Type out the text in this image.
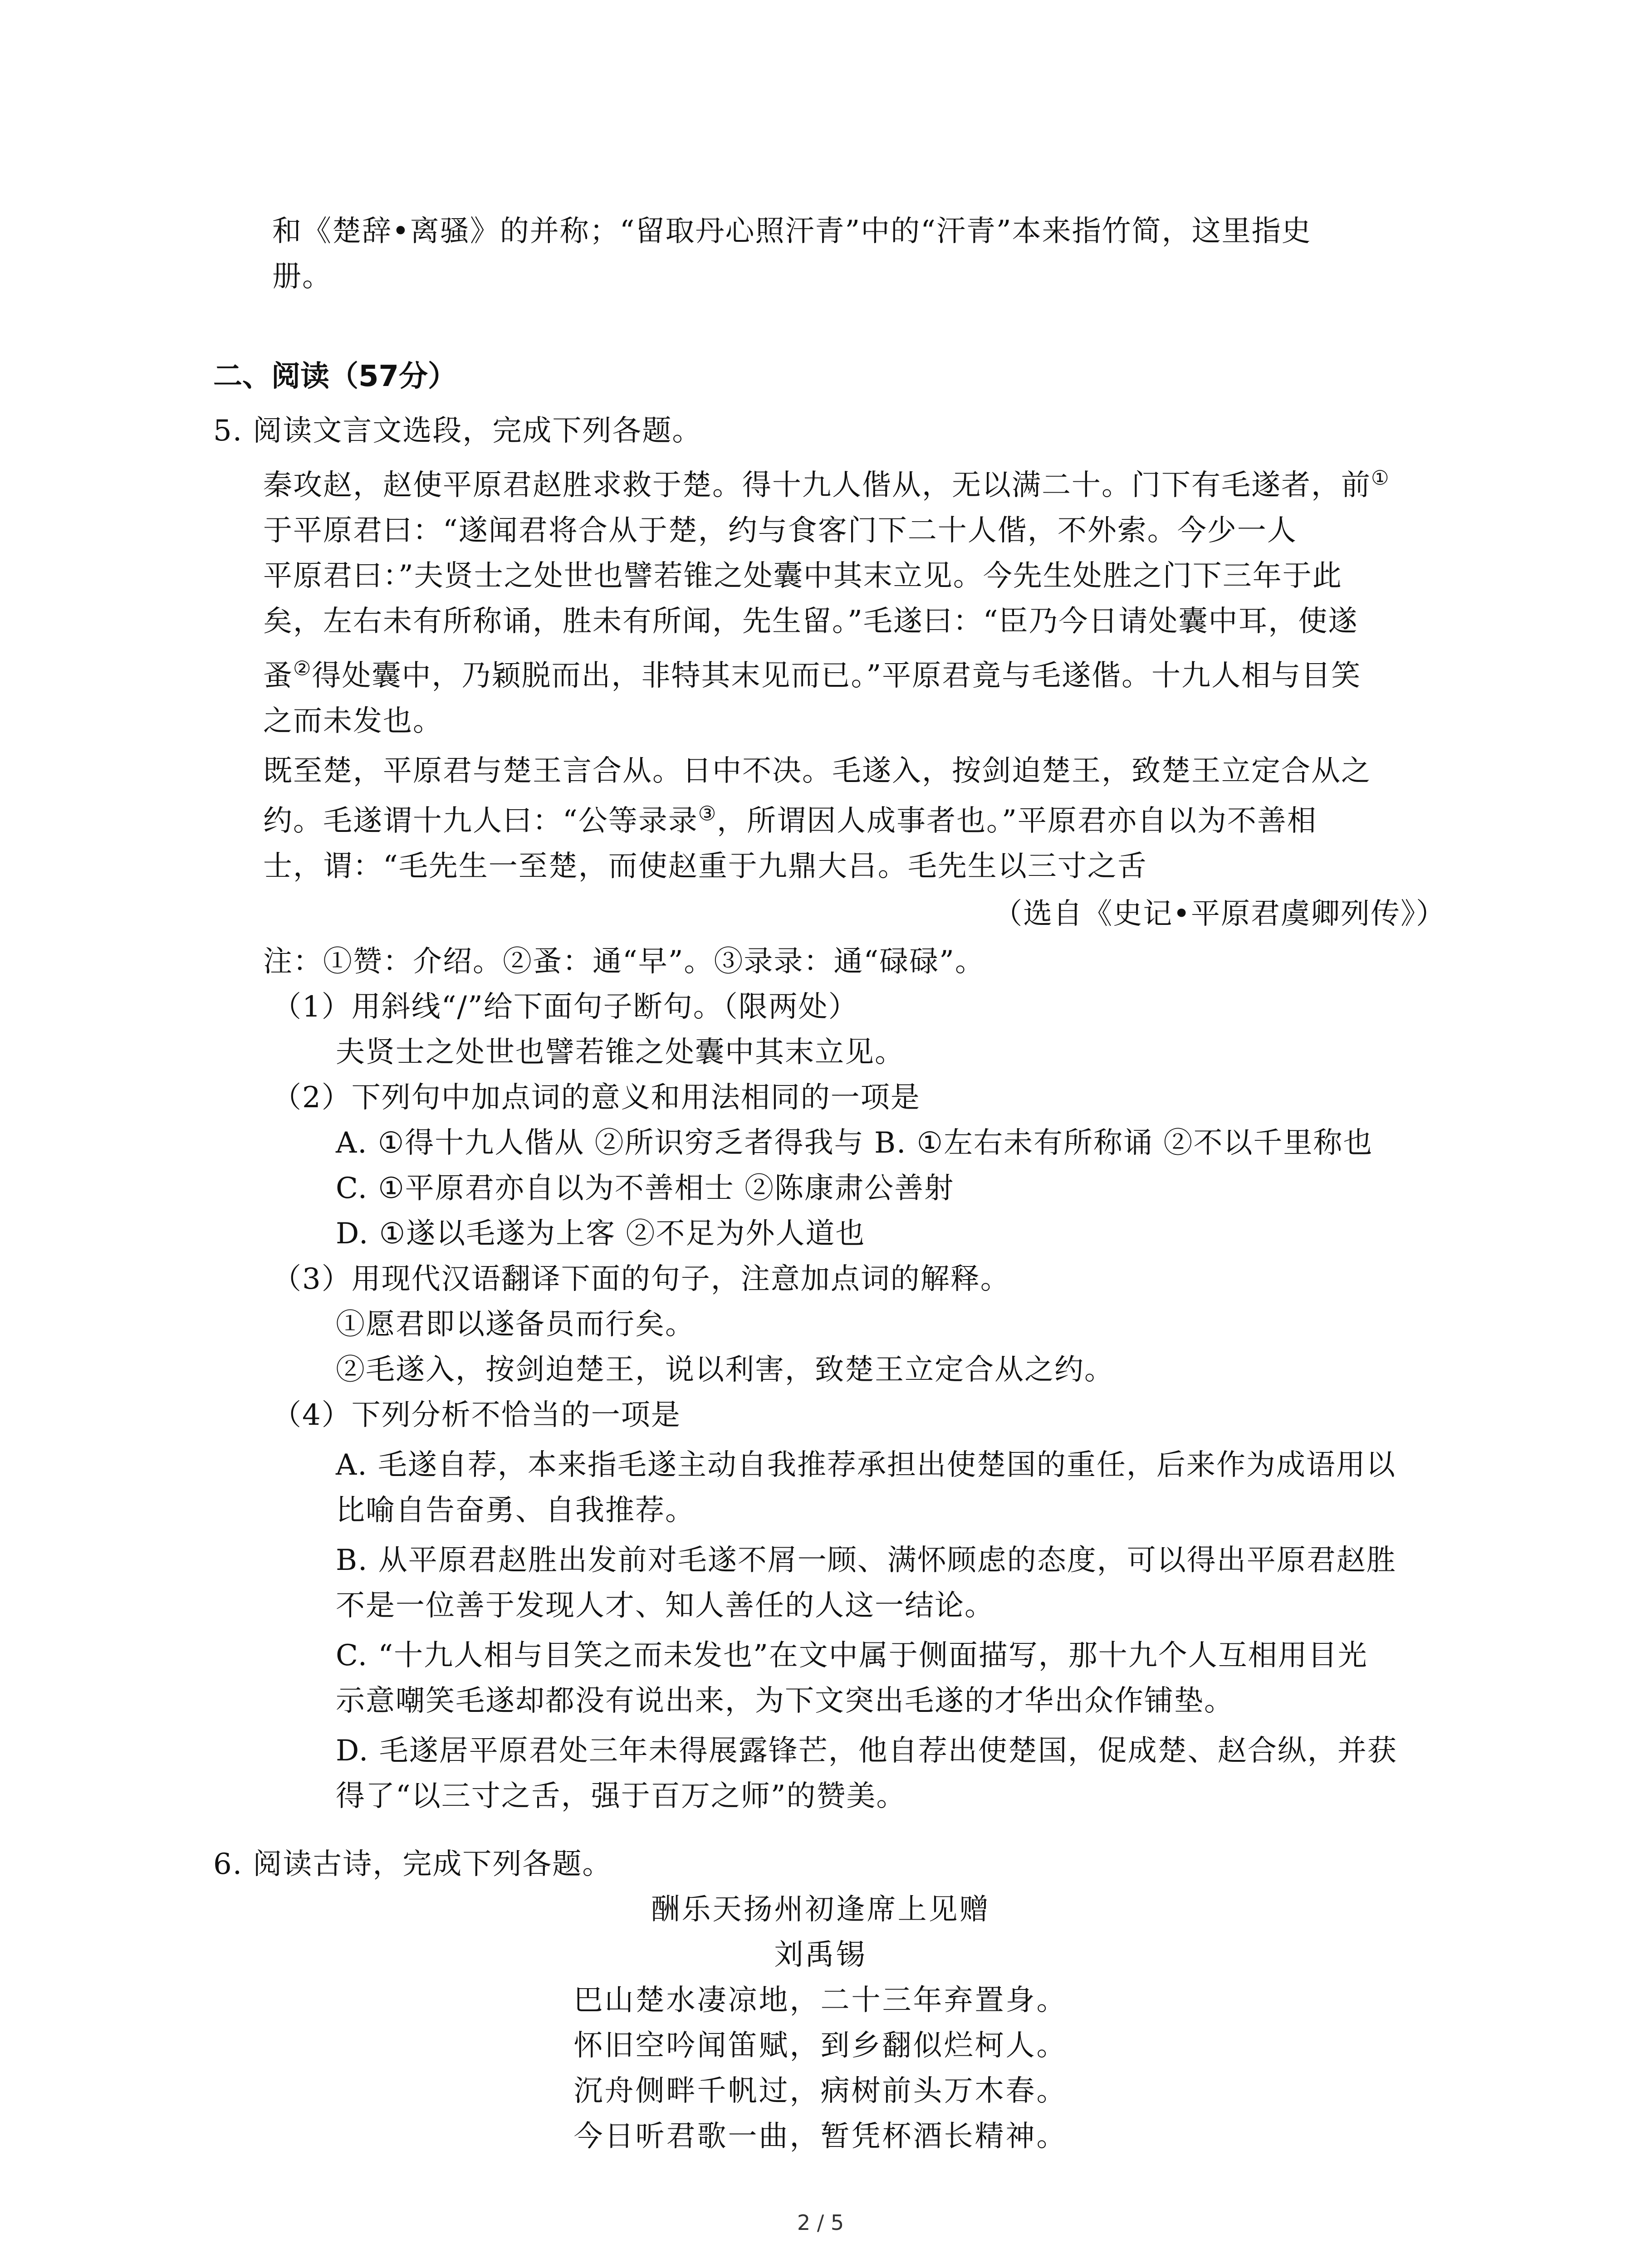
和《楚辞•离骚》的并称；“留取丹心照汗青”中的“汗青”本来指竹简，这里指史
册。
二、阅读（57分）
5. 阅读文言文选段，完成下列各题。
秦攻赵，赵使平原君赵胜求救于楚。得十九人偕从，无以满二十。门下有毛遂者，前①
于平原君曰：“遂闻君将合从于楚，约与食客门下二十人偕，不外索。今少一人
平原君曰：”夫贤士之处世也譬若锥之处囊中其末立见。今先生处胜之门下三年于此
矣，左右未有所称诵，胜未有所闻，先生留。”毛遂曰：“臣乃今日请处囊中耳，使遂
蚤②得处囊中，乃颖脱而出，非特其末见而已。”平原君竟与毛遂偕。十九人相与目笑
之而未发也。
既至楚，平原君与楚王言合从。日中不决。毛遂入，按剑迫楚王，致楚王立定合从之
约。毛遂谓十九人曰：“公等录录③，所谓因人成事者也。”平原君亦自以为不善相
士，谓：“毛先生一至楚，而使赵重于九鼎大吕。毛先生以三寸之舌
（选自《史记•平原君虞卿列传》）
注：①赞：介绍。②蚤：通“早”。③录录：通“碌碌”。
（1）用斜线“/”给下面句子断句。（限两处）
夫贤士之处世也譬若锥之处囊中其末立见。
（2）下列句中加点词的意义和用法相同的一项是
A. ①得十九人偕从 ②所识穷乏者得我与 B. ①左右未有所称诵 ②不以千里称也
C. ①平原君亦自以为不善相士 ②陈康肃公善射
D. ①遂以毛遂为上客 ②不足为外人道也
（3）用现代汉语翻译下面的句子，注意加点词的解释。
①愿君即以遂备员而行矣。
②毛遂入，按剑迫楚王，说以利害，致楚王立定合从之约。
（4）下列分析不恰当的一项是
A. 毛遂自荐，本来指毛遂主动自我推荐承担出使楚国的重任，后来作为成语用以
比喻自告奋勇、自我推荐。
B. 从平原君赵胜出发前对毛遂不屑一顾、满怀顾虑的态度，可以得出平原君赵胜
不是一位善于发现人才、知人善任的人这一结论。
C. “十九人相与目笑之而未发也”在文中属于侧面描写，那十九个人互相用目光
示意嘲笑毛遂却都没有说出来，为下文突出毛遂的才华出众作铺垫。
D. 毛遂居平原君处三年未得展露锋芒，他自荐出使楚国，促成楚、赵合纵，并获
得了“以三寸之舌，强于百万之师”的赞美。
6. 阅读古诗，完成下列各题。
酬乐天扬州初逢席上见赠
刘禹锡
巴山楚水凄凉地，二十三年弃置身。
怀旧空吟闻笛赋，到乡翻似烂柯人。
沉舟侧畔千帆过，病树前头万木春。
今日听君歌一曲，暂凭杯酒长精神。
2 / 5
